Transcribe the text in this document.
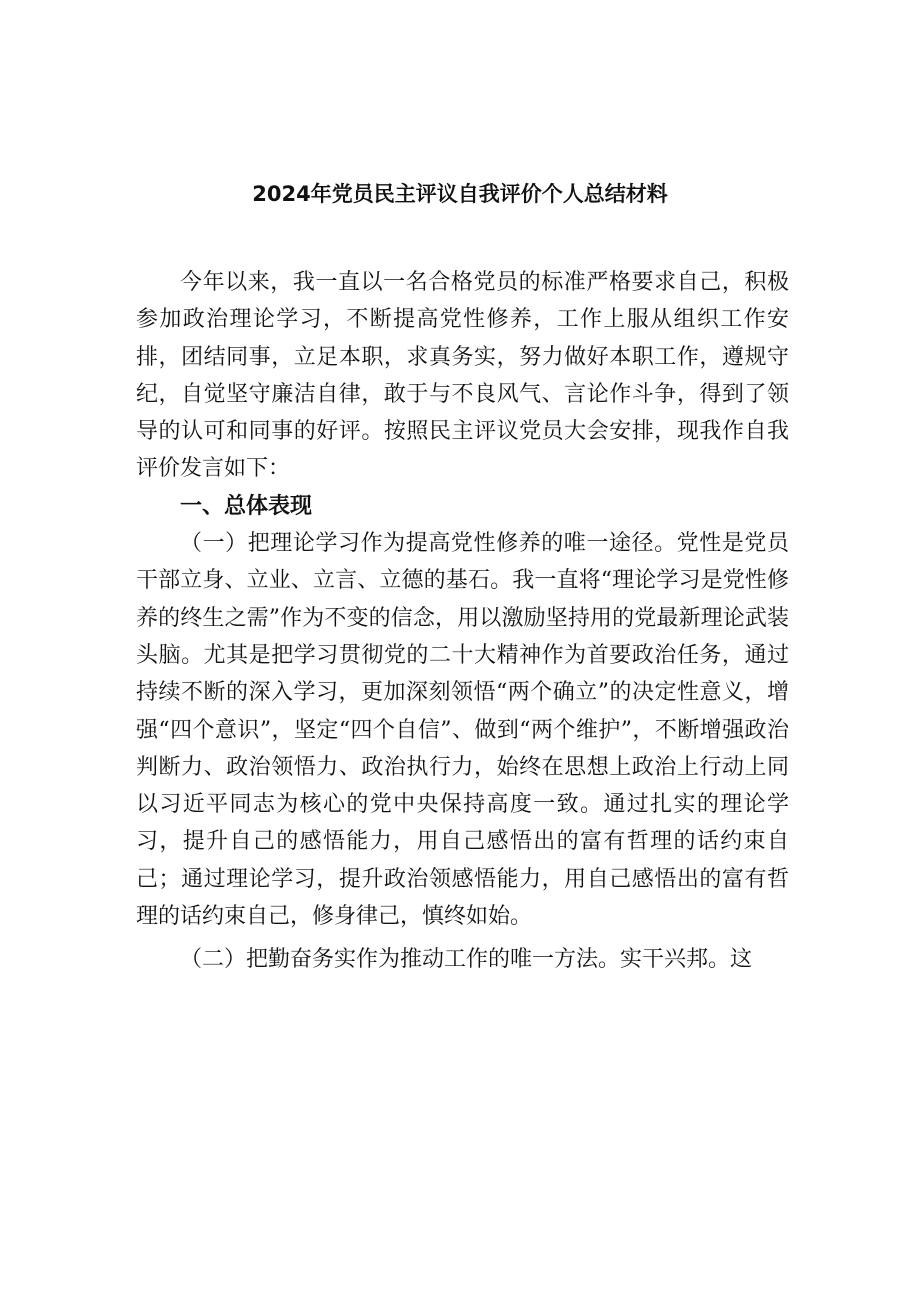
2024年党员民主评议自我评价个人总结材料

今年以来，我一直以一名合格党员的标准严格要求自己，积极参加政治理论学习，不断提高党性修养，工作上服从组织工作安排，团结同事，立足本职，求真务实，努力做好本职工作，遵规守纪，自觉坚守廉洁自律，敢于与不良风气、言论作斗争，得到了领导的认可和同事的好评。按照民主评议党员大会安排，现我作自我评价发言如下：

一、总体表现

（一）把理论学习作为提高党性修养的唯一途径。党性是党员干部立身、立业、立言、立德的基石。我一直将“理论学习是党性修养的终生之需”作为不变的信念，用以激励坚持用的党最新理论武装头脑。尤其是把学习贯彻党的二十大精神作为首要政治任务，通过持续不断的深入学习，更加深刻领悟“两个确立”的决定性意义，增强“四个意识”，坚定“四个自信”、做到“两个维护”，不断增强政治判断力、政治领悟力、政治执行力，始终在思想上政治上行动上同以习近平同志为核心的党中央保持高度一致。通过扎实的理论学习，提升自己的感悟能力，用自己感悟出的富有哲理的话约束自己；通过理论学习，提升政治领感悟能力，用自己感悟出的富有哲理的话约束自己，修身律己，慎终如始。

（二）把勤奋务实作为推动工作的唯一方法。实干兴邦。这
